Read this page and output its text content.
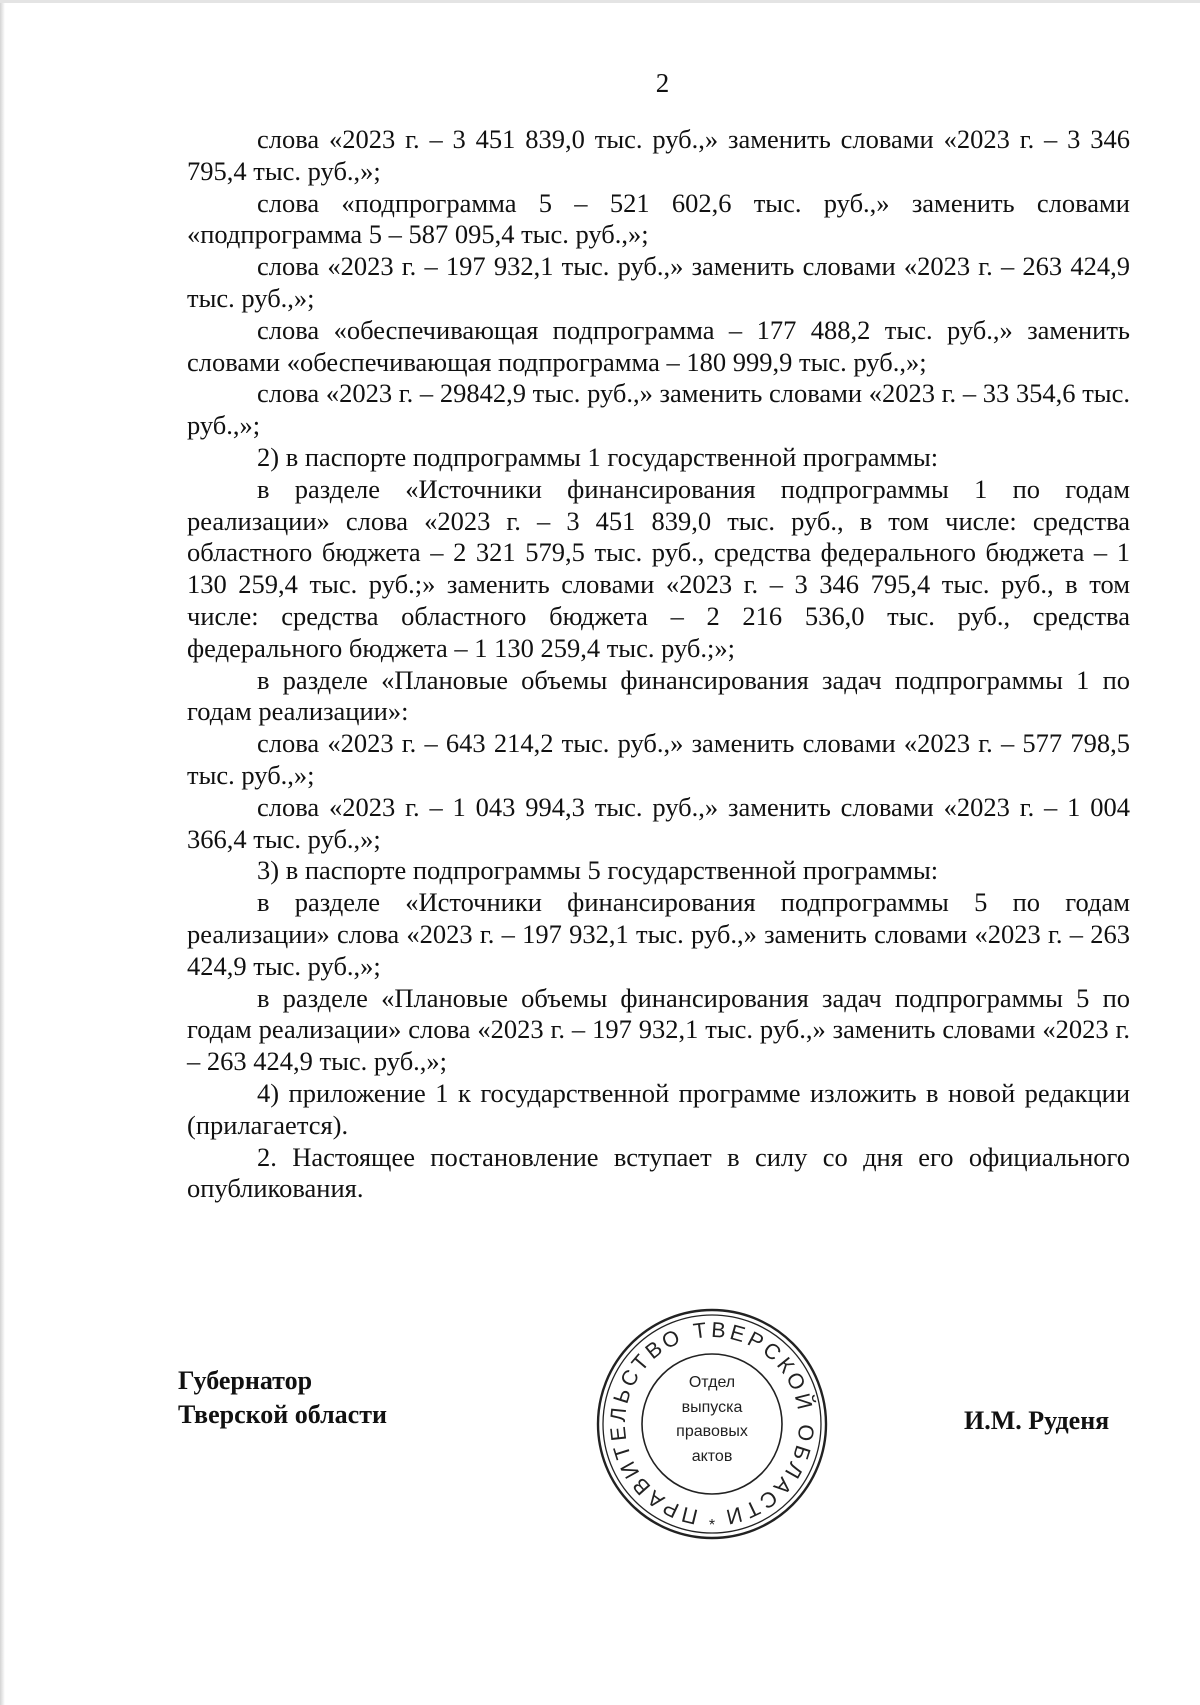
2

слова «2023 г. – 3 451 839,0 тыс. руб.,» заменить словами «2023 г. – 3 346 795,4 тыс. руб.,»;

слова «подпрограмма 5 – 521 602,6 тыс. руб.,» заменить словами «подпрограмма 5 – 587 095,4 тыс. руб.,»;

слова «2023 г. – 197 932,1 тыс. руб.,» заменить словами «2023 г. – 263 424,9 тыс. руб.,»;

слова «обеспечивающая подпрограмма – 177 488,2 тыс. руб.,» заменить словами «обеспечивающая подпрограмма – 180 999,9 тыс. руб.,»;

слова «2023 г. – 29842,9 тыс. руб.,» заменить словами «2023 г. – 33 354,6 тыс. руб.,»;

2) в паспорте подпрограммы 1 государственной программы:

в разделе «Источники финансирования подпрограммы 1 по годам реализации» слова «2023 г. – 3 451 839,0 тыс. руб., в том числе: средства областного бюджета – 2 321 579,5 тыс. руб., средства федерального бюджета – 1 130 259,4 тыс. руб.;» заменить словами «2023 г. – 3 346 795,4 тыс. руб., в том числе: средства областного бюджета – 2 216 536,0 тыс. руб., средства федерального бюджета – 1 130 259,4 тыс. руб.;»;

в разделе «Плановые объемы финансирования задач подпрограммы 1 по годам реализации»:

слова «2023 г. – 643 214,2 тыс. руб.,» заменить словами «2023 г. – 577 798,5 тыс. руб.,»;

слова «2023 г. – 1 043 994,3 тыс. руб.,» заменить словами «2023 г. – 1 004 366,4 тыс. руб.,»;

3) в паспорте подпрограммы 5 государственной программы:

в разделе «Источники финансирования подпрограммы 5 по годам реализации» слова «2023 г. – 197 932,1 тыс. руб.,» заменить словами «2023 г. – 263 424,9 тыс. руб.,»;

в разделе «Плановые объемы финансирования задач подпрограммы 5 по годам реализации» слова «2023 г. – 197 932,1 тыс. руб.,» заменить словами «2023 г. – 263 424,9 тыс. руб.,»;

4) приложение 1 к государственной программе изложить в новой редакции (прилагается).

2. Настоящее постановление вступает в силу со дня его официального опубликования.

Губернатор
Тверской области
ПРАВИТЕЛЬСТВО ТВЕРСКОЙ ОБЛАСТИ
*
Отдел
выпуска
правовых
актов
И.М. Руденя
